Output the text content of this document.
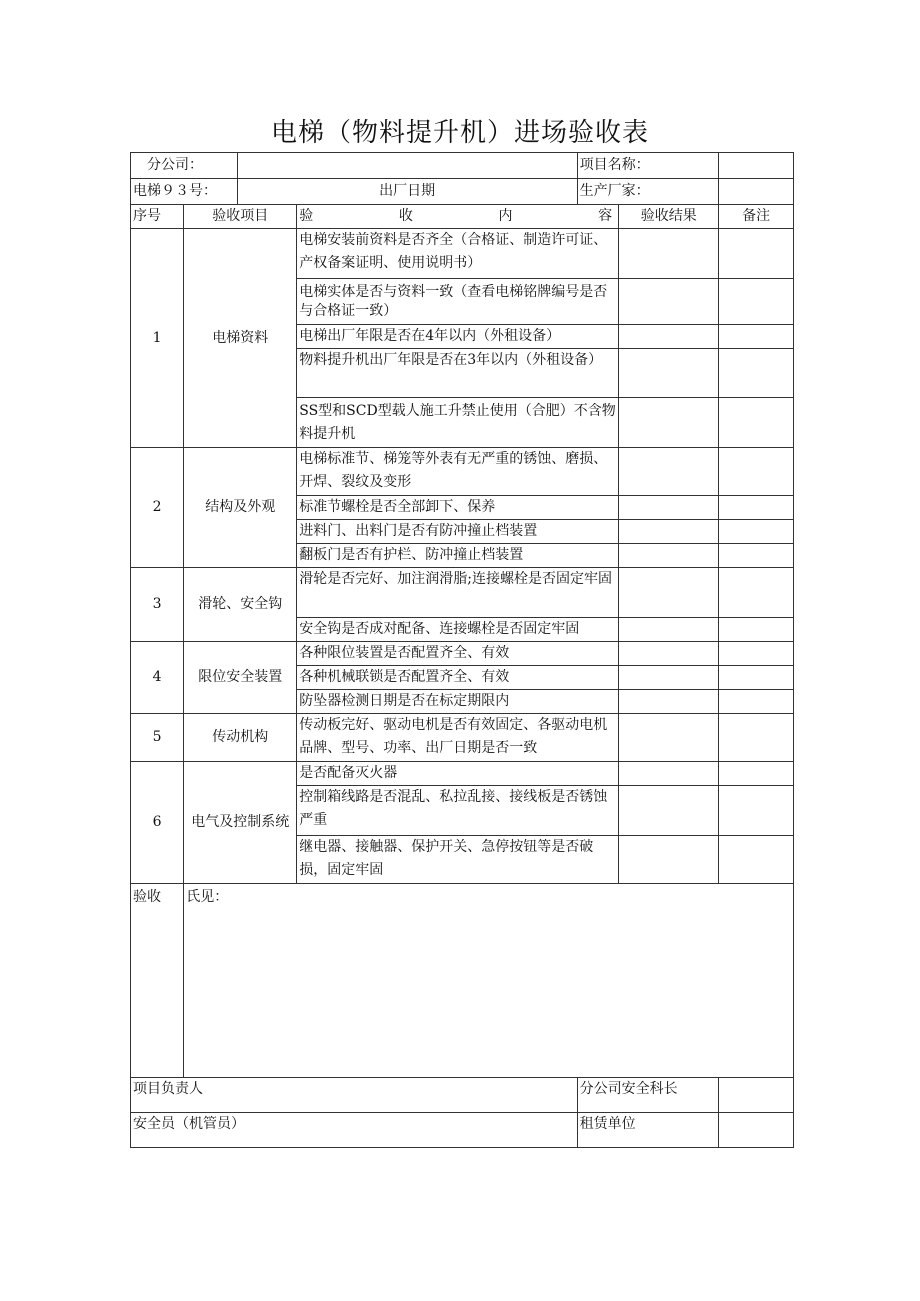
电梯（物料提升机）进场验收表
分公司：				项目名称：		
电梯９３号：		出厂日期		生产厂家：		
序号	验收项目		验 收 内 容		验收结果	备注
1	电梯资料		电梯安装前资料是否齐全（合格证、制造许可证、产权备案证明、使用说明书）			
			电梯实体是否与资料一致（查看电梯铭牌编号是否与合格证一致）			
			电梯出厂年限是否在4年以内（外租设备）			
			物料提升机出厂年限是否在3年以内（外租设备）			
			SS型和SCD型载人施工升禁止使用（合肥）不含物料提升机			
2	结构及外观		电梯标准节、梯笼等外表有无严重的锈蚀、磨损、开焊、裂纹及变形			
			标准节螺栓是否全部卸下、保养			
			进料门、出料门是否有防冲撞止档装置			
			翻板门是否有护栏、防冲撞止档装置			
3	滑轮、安全钩		滑轮是否完好、加注润滑脂;连接螺栓是否固定牢固			
			安全钩是否成对配备、连接螺栓是否固定牢固			
4	限位安全装置		各种限位装置是否配置齐全、有效			
			各种机械联锁是否配置齐全、有效			
			防坠器检测日期是否在标定期限内			
5	传动机构		传动板完好、驱动电机是否有效固定、各驱动电机品牌、型号、功率、出厂日期是否一致			
6	电气及控制系统		是否配备灭火器			
			控制箱线路是否混乱、私拉乱接、接线板是否锈蚀严重			
			继电器、接触器、保护开关、急停按钮等是否破损，固定牢固			
验收	氏见：					
项目负责人				分公司安全科长		
安全员（机管员）				租赁单位		
